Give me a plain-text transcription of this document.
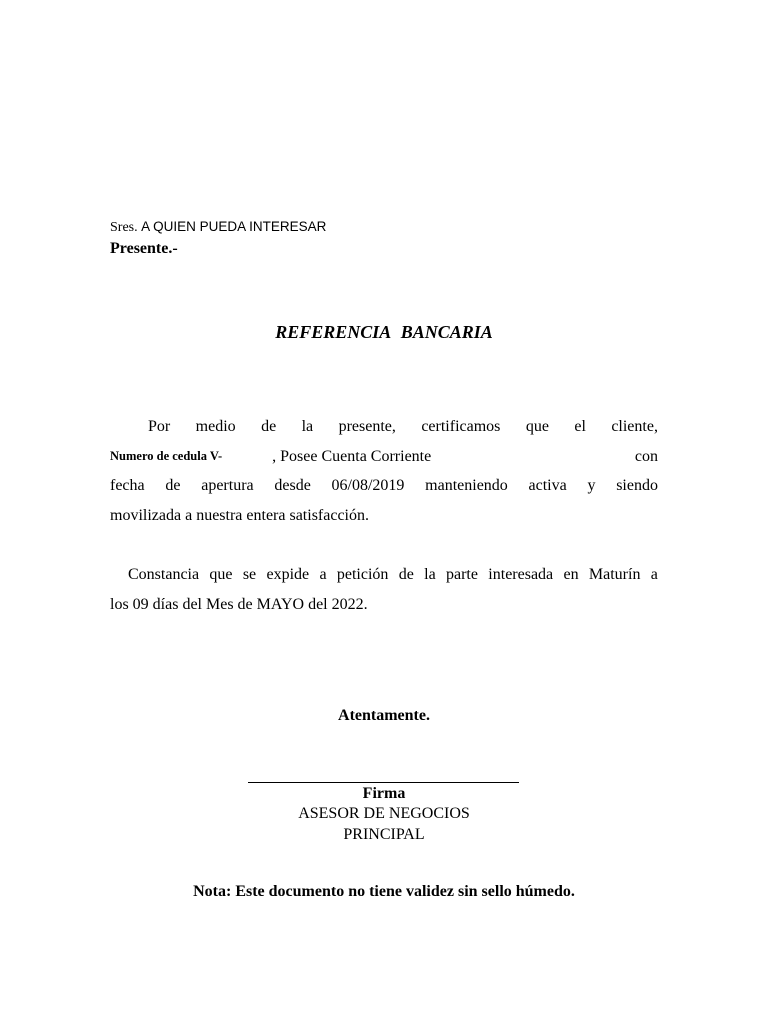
Sres. A QUIEN PUEDA INTERESAR
Presente.-
REFERENCIA BANCARIA
Por medio de la presente, certificamos que el cliente,
Numero de cedula V-	, Posee Cuenta Corriente	con
fecha de apertura desde 06/08/2019 manteniendo activa y siendo
movilizada a nuestra entera satisfacción.
Constancia que se expide a petición de la parte interesada en Maturín a
los 09 días del Mes de MAYO del 2022.
Atentamente.
Firma
ASESOR DE NEGOCIOS
PRINCIPAL
Nota: Este documento no tiene validez sin sello húmedo.
